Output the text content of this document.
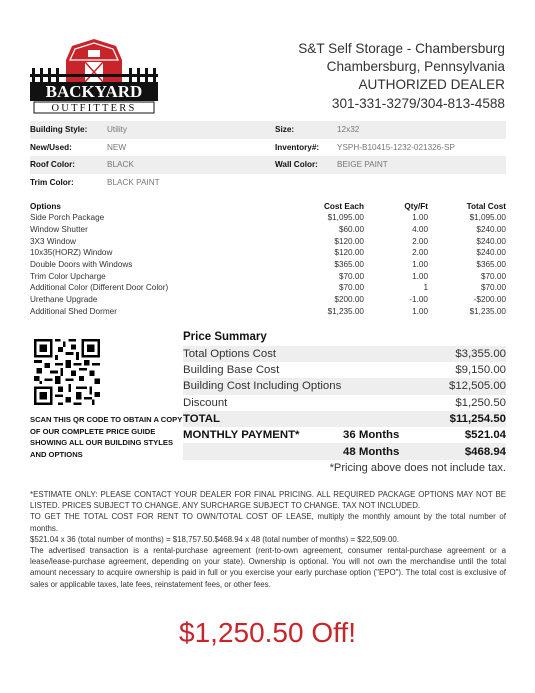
BACKYARD
OUTFITTERS
S&T Self Storage - Chambersburg
Chambersburg, Pennsylvania
AUTHORIZED DEALER
301-331-3279/304-813-4588
Building Style:	Utility	Size:	12x32
New/Used:	NEW	Inventory#:	YSPH-B10415-1232-021326-SP
Roof Color:	BLACK	Wall Color:	BEIGE PAINT
Trim Color:	BLACK PAINT		
Options	Cost Each	Qty/Ft	Total Cost
Side Porch Package	$1,095.00	1.00	$1,095.00
Window Shutter	$60.00	4.00	$240.00
3X3 Window	$120.00	2.00	$240.00
10x35(HORZ) Window	$120.00	2.00	$240.00
Double Doors with Windows	$365.00	1.00	$365.00
Trim Color Upcharge	$70.00	1.00	$70.00
Additional Color (Different Door Color)	$70.00	1	$70.00
Urethane Upgrade	$200.00	-1.00	-$200.00
Additional Shed Dormer	$1,235.00	1.00	$1,235.00
SCAN THIS QR CODE TO OBTAIN A COPY OF OUR COMPLETE PRICE GUIDE SHOWING ALL OUR BUILDING STYLES AND OPTIONS
Price Summary
Total Options Cost	$3,355.00
Building Base Cost	$9,150.00
Building Cost Including Options	$12,505.00
Discount	$1,250.50
TOTAL	$11,254.50
MONTHLY PAYMENT*	36 Months	$521.04
48 Months	$468.94
*Pricing above does not include tax.

*ESTIMATE ONLY: PLEASE CONTACT YOUR DEALER FOR FINAL PRICING. ALL REQUIRED PACKAGE OPTIONS MAY NOT BE LISTED. PRICES SUBJECT TO CHANGE. ANY SURCHARGE SUBJECT TO CHANGE. TAX NOT INCLUDED.

TO GET THE TOTAL COST FOR RENT TO OWN/TOTAL COST OF LEASE, multiply the monthly amount by the total number of months.

$521.04 x 36 (total number of months) = $18,757.50.$468.94 x 48 (total number of months) = $22,509.00.

The advertised transaction is a rental-purchase agreement (rent-to-own agreement, consumer rental-purchase agreement or a lease/lease-purchase agreement, depending on your state). Ownership is optional. You will not own the merchandise until the total amount necessary to acquire ownership is paid in full or you exercise your early purchase option ("EPO"). The total cost is exclusive of sales or applicable taxes, late fees, reinstatement fees, or other fees.

$1,250.50 Off!
